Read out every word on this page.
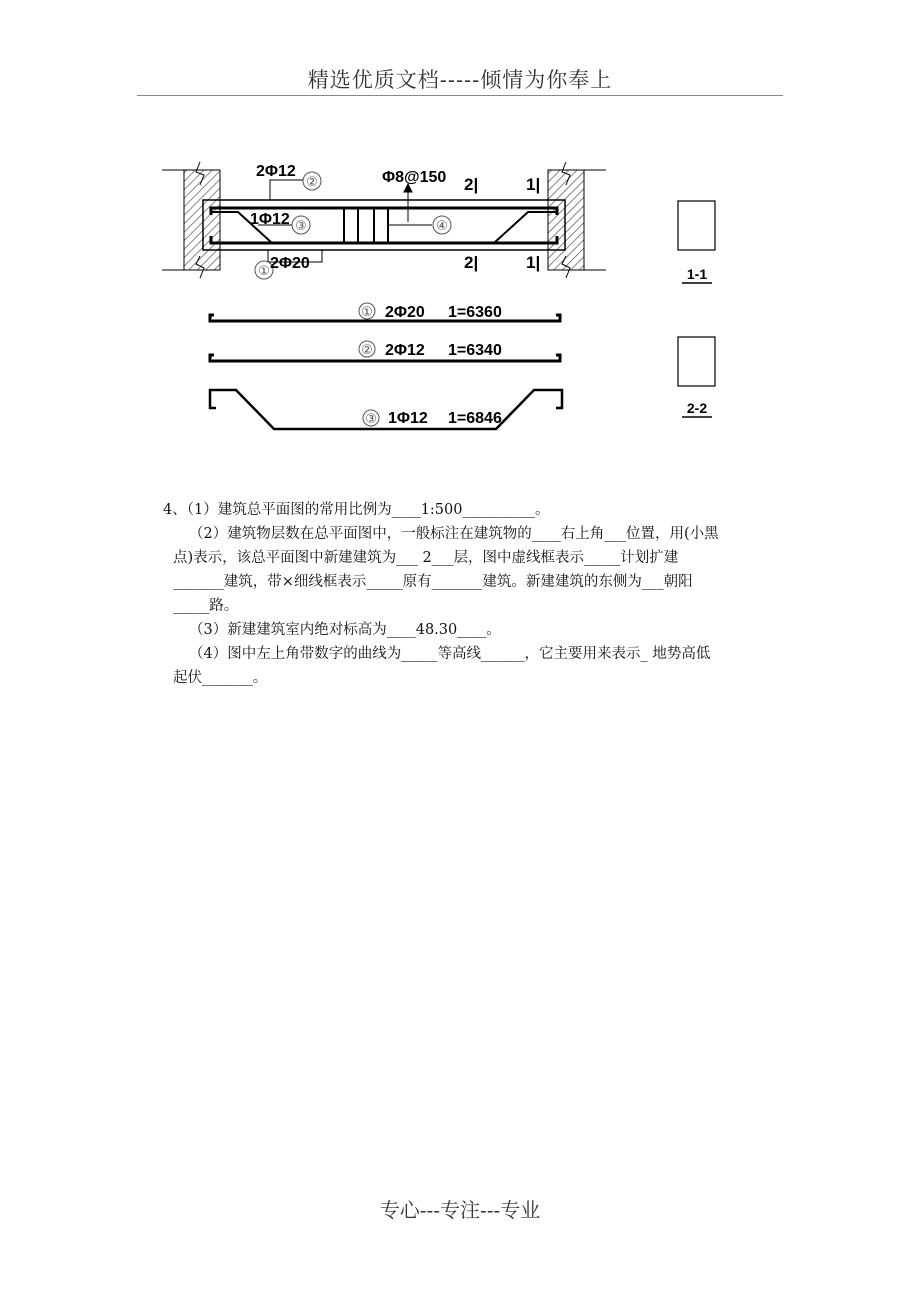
精选优质文档-----倾情为你奉上
②
③	④
①
2Φ12	Φ8@150
1Φ12
2Φ20
2|
2|
1|
1|
① 2Φ20 1=6360
② 2Φ12 1=6340
③ 1Φ12 1=6846
1-1
2-2

4、（1）建筑总平面图的常用比例为____1:500__________。

（2）建筑物层数在总平面图中，一般标注在建筑物的____右上角___位置，用(小黑

点)表示，该总平面图中新建建筑为___ 2___层，图中虚线框表示_____计划扩建

_______建筑，带×细线框表示_____原有_______建筑。新建建筑的东侧为___朝阳

_____路。

（3）新建建筑室内绝对标高为____48.30____。

（4）图中左上角带数字的曲线为_____等高线______，它主要用来表示_ 地势高低

起伏_______。

专心---专注---专业
